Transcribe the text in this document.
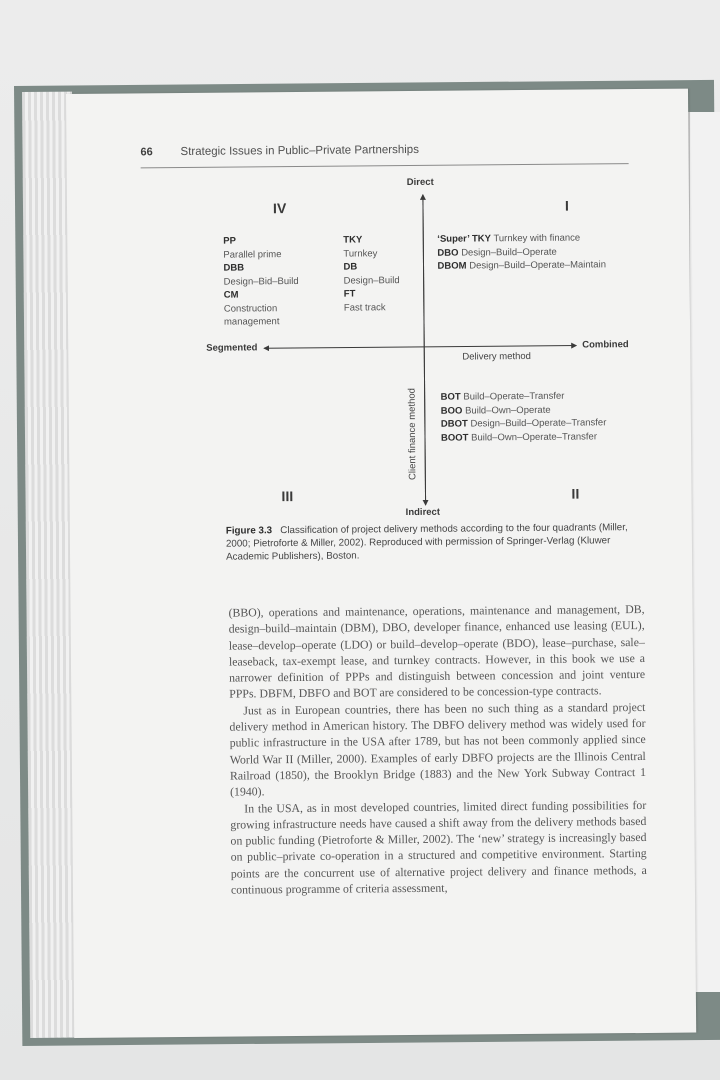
66 Strategic Issues in Public–Private Partnerships
Direct
Indirect
Segmented	Combined
Delivery method
Client finance method
IV	I
III	II
PP
Parallel prime
DBB
Design–Bid–Build
CM
Construction
management
TKY
Turnkey
DB
Design–Build
FT
Fast track
‘Super’ TKY Turnkey with finance
DBO Design–Build–Operate
DBOM Design–Build–Operate–Maintain
BOT Build–Operate–Transfer
BOO Build–Own–Operate
DBOT Design–Build–Operate–Transfer
BOOT Build–Own–Operate–Transfer
Figure 3.3 Classification of project delivery methods according to the four quadrants (Miller, 2000; Pietroforte & Miller, 2002). Reproduced with permission of Springer-Verlag (Kluwer Academic Publishers), Boston.

(BBO), operations and maintenance, operations, maintenance and management, DB, design–build–maintain (DBM), DBO, developer finance, enhanced use leasing (EUL), lease–develop–operate (LDO) or build–develop–operate (BDO), lease–purchase, sale–leaseback, tax-exempt lease, and turnkey contracts. However, in this book we use a narrower definition of PPPs and distinguish between concession and joint venture PPPs. DBFM, DBFO and BOT are considered to be concession-type contracts.

Just as in European countries, there has been no such thing as a standard project delivery method in American history. The DBFO delivery method was widely used for public infrastructure in the USA after 1789, but has not been commonly applied since World War II (Miller, 2000). Examples of early DBFO projects are the Illinois Central Railroad (1850), the Brooklyn Bridge (1883) and the New York Subway Contract 1 (1940).

In the USA, as in most developed countries, limited direct funding possibilities for growing infrastructure needs have caused a shift away from the delivery methods based on public funding (Pietroforte & Miller, 2002). The ‘new’ strategy is increasingly based on public–private co-operation in a structured and competitive environment. Starting points are the concurrent use of alternative project delivery and finance methods, a continuous programme of criteria assessment,
